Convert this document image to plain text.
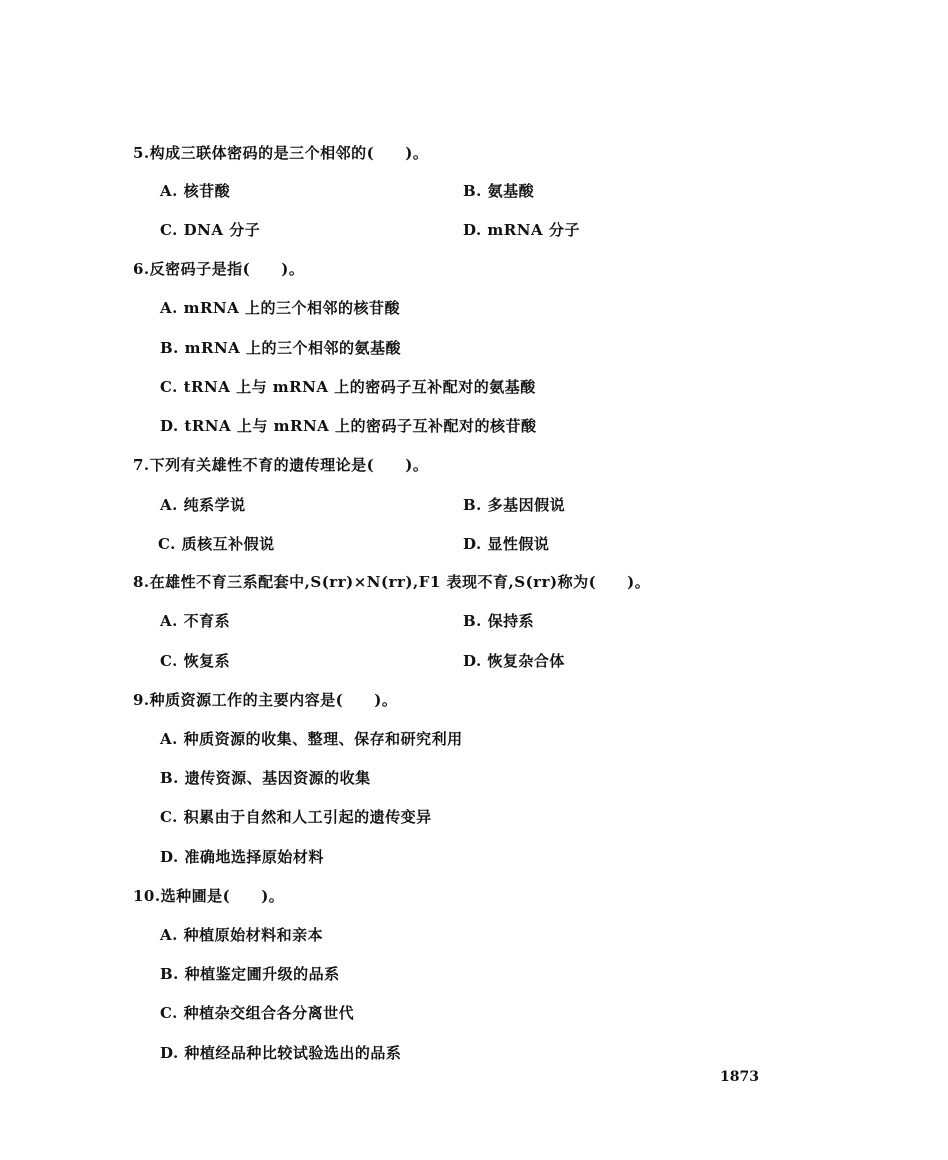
5.构成三联体密码的是三个相邻的(　　)。
A. 核苷酸	B. 氨基酸
C. DNA 分子	D. mRNA 分子
6.反密码子是指(　　)。
A. mRNA 上的三个相邻的核苷酸
B. mRNA 上的三个相邻的氨基酸
C. tRNA 上与 mRNA 上的密码子互补配对的氨基酸
D. tRNA 上与 mRNA 上的密码子互补配对的核苷酸
7.下列有关雄性不育的遗传理论是(　　)。
A. 纯系学说	B. 多基因假说
C. 质核互补假说	D. 显性假说
8.在雄性不育三系配套中,S(rr)×N(rr),F1 表现不育,S(rr)称为(　　)。
A. 不育系	B. 保持系
C. 恢复系	D. 恢复杂合体
9.种质资源工作的主要内容是(　　)。
A. 种质资源的收集、整理、保存和研究利用
B. 遗传资源、基因资源的收集
C. 积累由于自然和人工引起的遗传变异
D. 准确地选择原始材料
10.选种圃是(　　)。
A. 种植原始材料和亲本
B. 种植鉴定圃升级的品系
C. 种植杂交组合各分离世代
D. 种植经品种比较试验选出的品系
1873
